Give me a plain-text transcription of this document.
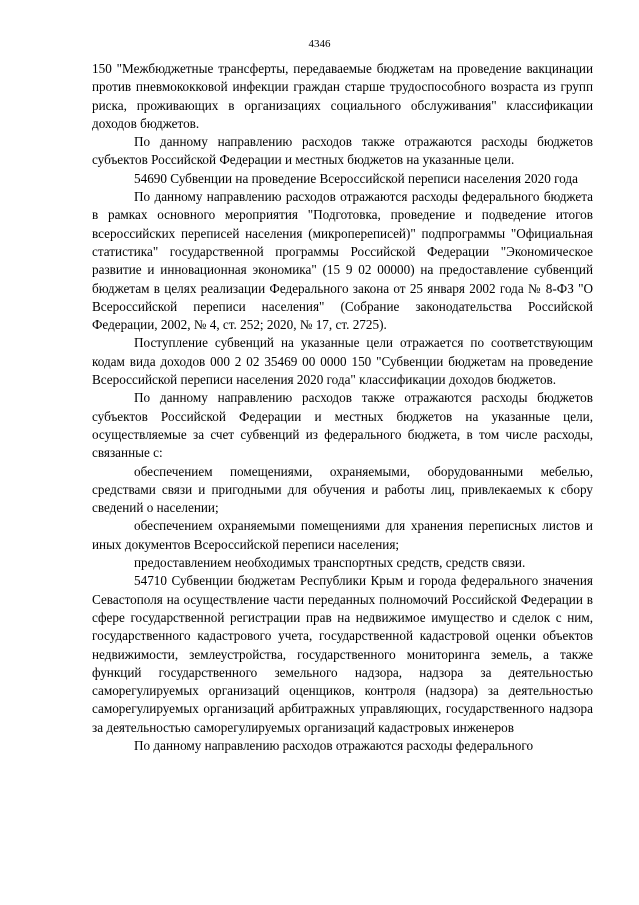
4346

150 "Межбюджетные трансферты, передаваемые бюджетам на проведение вакцинации против пневмококковой инфекции граждан старше трудоспособного возраста из групп риска, проживающих в организациях социального обслуживания" классификации доходов бюджетов.

По данному направлению расходов также отражаются расходы бюджетов субъектов Российской Федерации и местных бюджетов на указанные цели.

54690 Субвенции на проведение Всероссийской переписи населения 2020 года

По данному направлению расходов отражаются расходы федерального бюджета в рамках основного мероприятия "Подготовка, проведение и подведение итогов всероссийских переписей населения (микропереписей)" подпрограммы "Официальная статистика" государственной программы Российской Федерации "Экономическое развитие и инновационная экономика" (15 9 02 00000) на предоставление субвенций бюджетам в целях реализации Федерального закона от 25 января 2002 года № 8-ФЗ "О Всероссийской переписи населения" (Собрание законодательства Российской Федерации, 2002, № 4, ст. 252; 2020, № 17, ст. 2725).

Поступление субвенций на указанные цели отражается по соответствующим кодам вида доходов 000 2 02 35469 00 0000 150 "Субвенции бюджетам на проведение Всероссийской переписи населения 2020 года" классификации доходов бюджетов.

По данному направлению расходов также отражаются расходы бюджетов субъектов Российской Федерации и местных бюджетов на указанные цели, осуществляемые за счет субвенций из федерального бюджета, в том числе расходы, связанные с:

обеспечением помещениями, охраняемыми, оборудованными мебелью, средствами связи и пригодными для обучения и работы лиц, привлекаемых к сбору сведений о населении;

обеспечением охраняемыми помещениями для хранения переписных листов и иных документов Всероссийской переписи населения;

предоставлением необходимых транспортных средств, средств связи.

54710 Субвенции бюджетам Республики Крым и города федерального значения Севастополя на осуществление части переданных полномочий Российской Федерации в сфере государственной регистрации прав на недвижимое имущество и сделок с ним, государственного кадастрового учета, государственной кадастровой оценки объектов недвижимости, землеустройства, государственного мониторинга земель, а также функций государственного земельного надзора, надзора за деятельностью саморегулируемых организаций оценщиков, контроля (надзора) за деятельностью саморегулируемых организаций арбитражных управляющих, государственного надзора за деятельностью саморегулируемых организаций кадастровых инженеров

По данному направлению расходов отражаются расходы федерального
